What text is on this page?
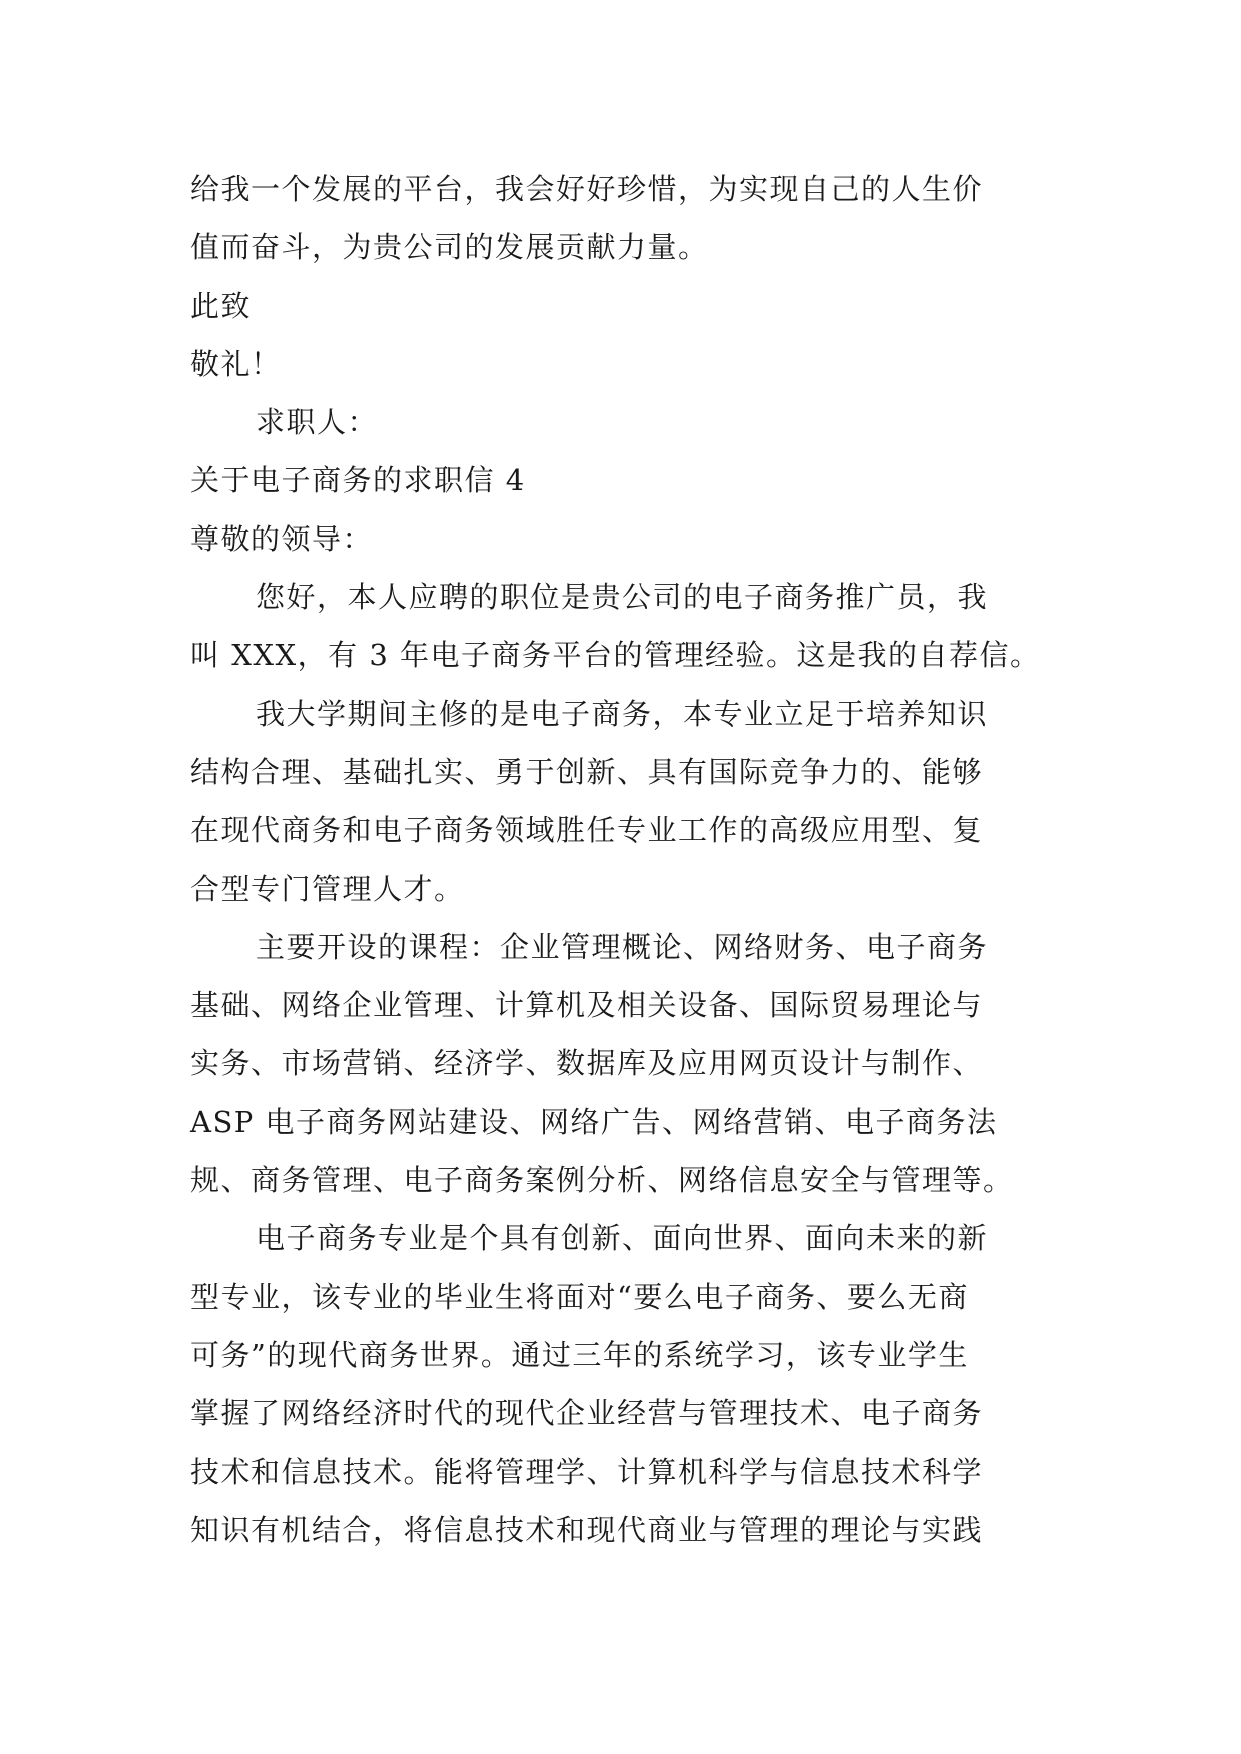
给我一个发展的平台，我会好好珍惜，为实现自己的人生价
值而奋斗，为贵公司的发展贡献力量。
此致
敬礼！
求职人：
关于电子商务的求职信 4
尊敬的领导：
您好，本人应聘的职位是贵公司的电子商务推广员，我
叫 XXX，有 3 年电子商务平台的管理经验。这是我的自荐信。
我大学期间主修的是电子商务，本专业立足于培养知识
结构合理、基础扎实、勇于创新、具有国际竞争力的、能够
在现代商务和电子商务领域胜任专业工作的高级应用型、复
合型专门管理人才。
主要开设的课程：企业管理概论、网络财务、电子商务
基础、网络企业管理、计算机及相关设备、国际贸易理论与
实务、市场营销、经济学、数据库及应用网页设计与制作、
ASP 电子商务网站建设、网络广告、网络营销、电子商务法
规、商务管理、电子商务案例分析、网络信息安全与管理等。
电子商务专业是个具有创新、面向世界、面向未来的新
型专业，该专业的毕业生将面对“要么电子商务、要么无商
可务”的现代商务世界。通过三年的系统学习，该专业学生
掌握了网络经济时代的现代企业经营与管理技术、电子商务
技术和信息技术。能将管理学、计算机科学与信息技术科学
知识有机结合，将信息技术和现代商业与管理的理论与实践
